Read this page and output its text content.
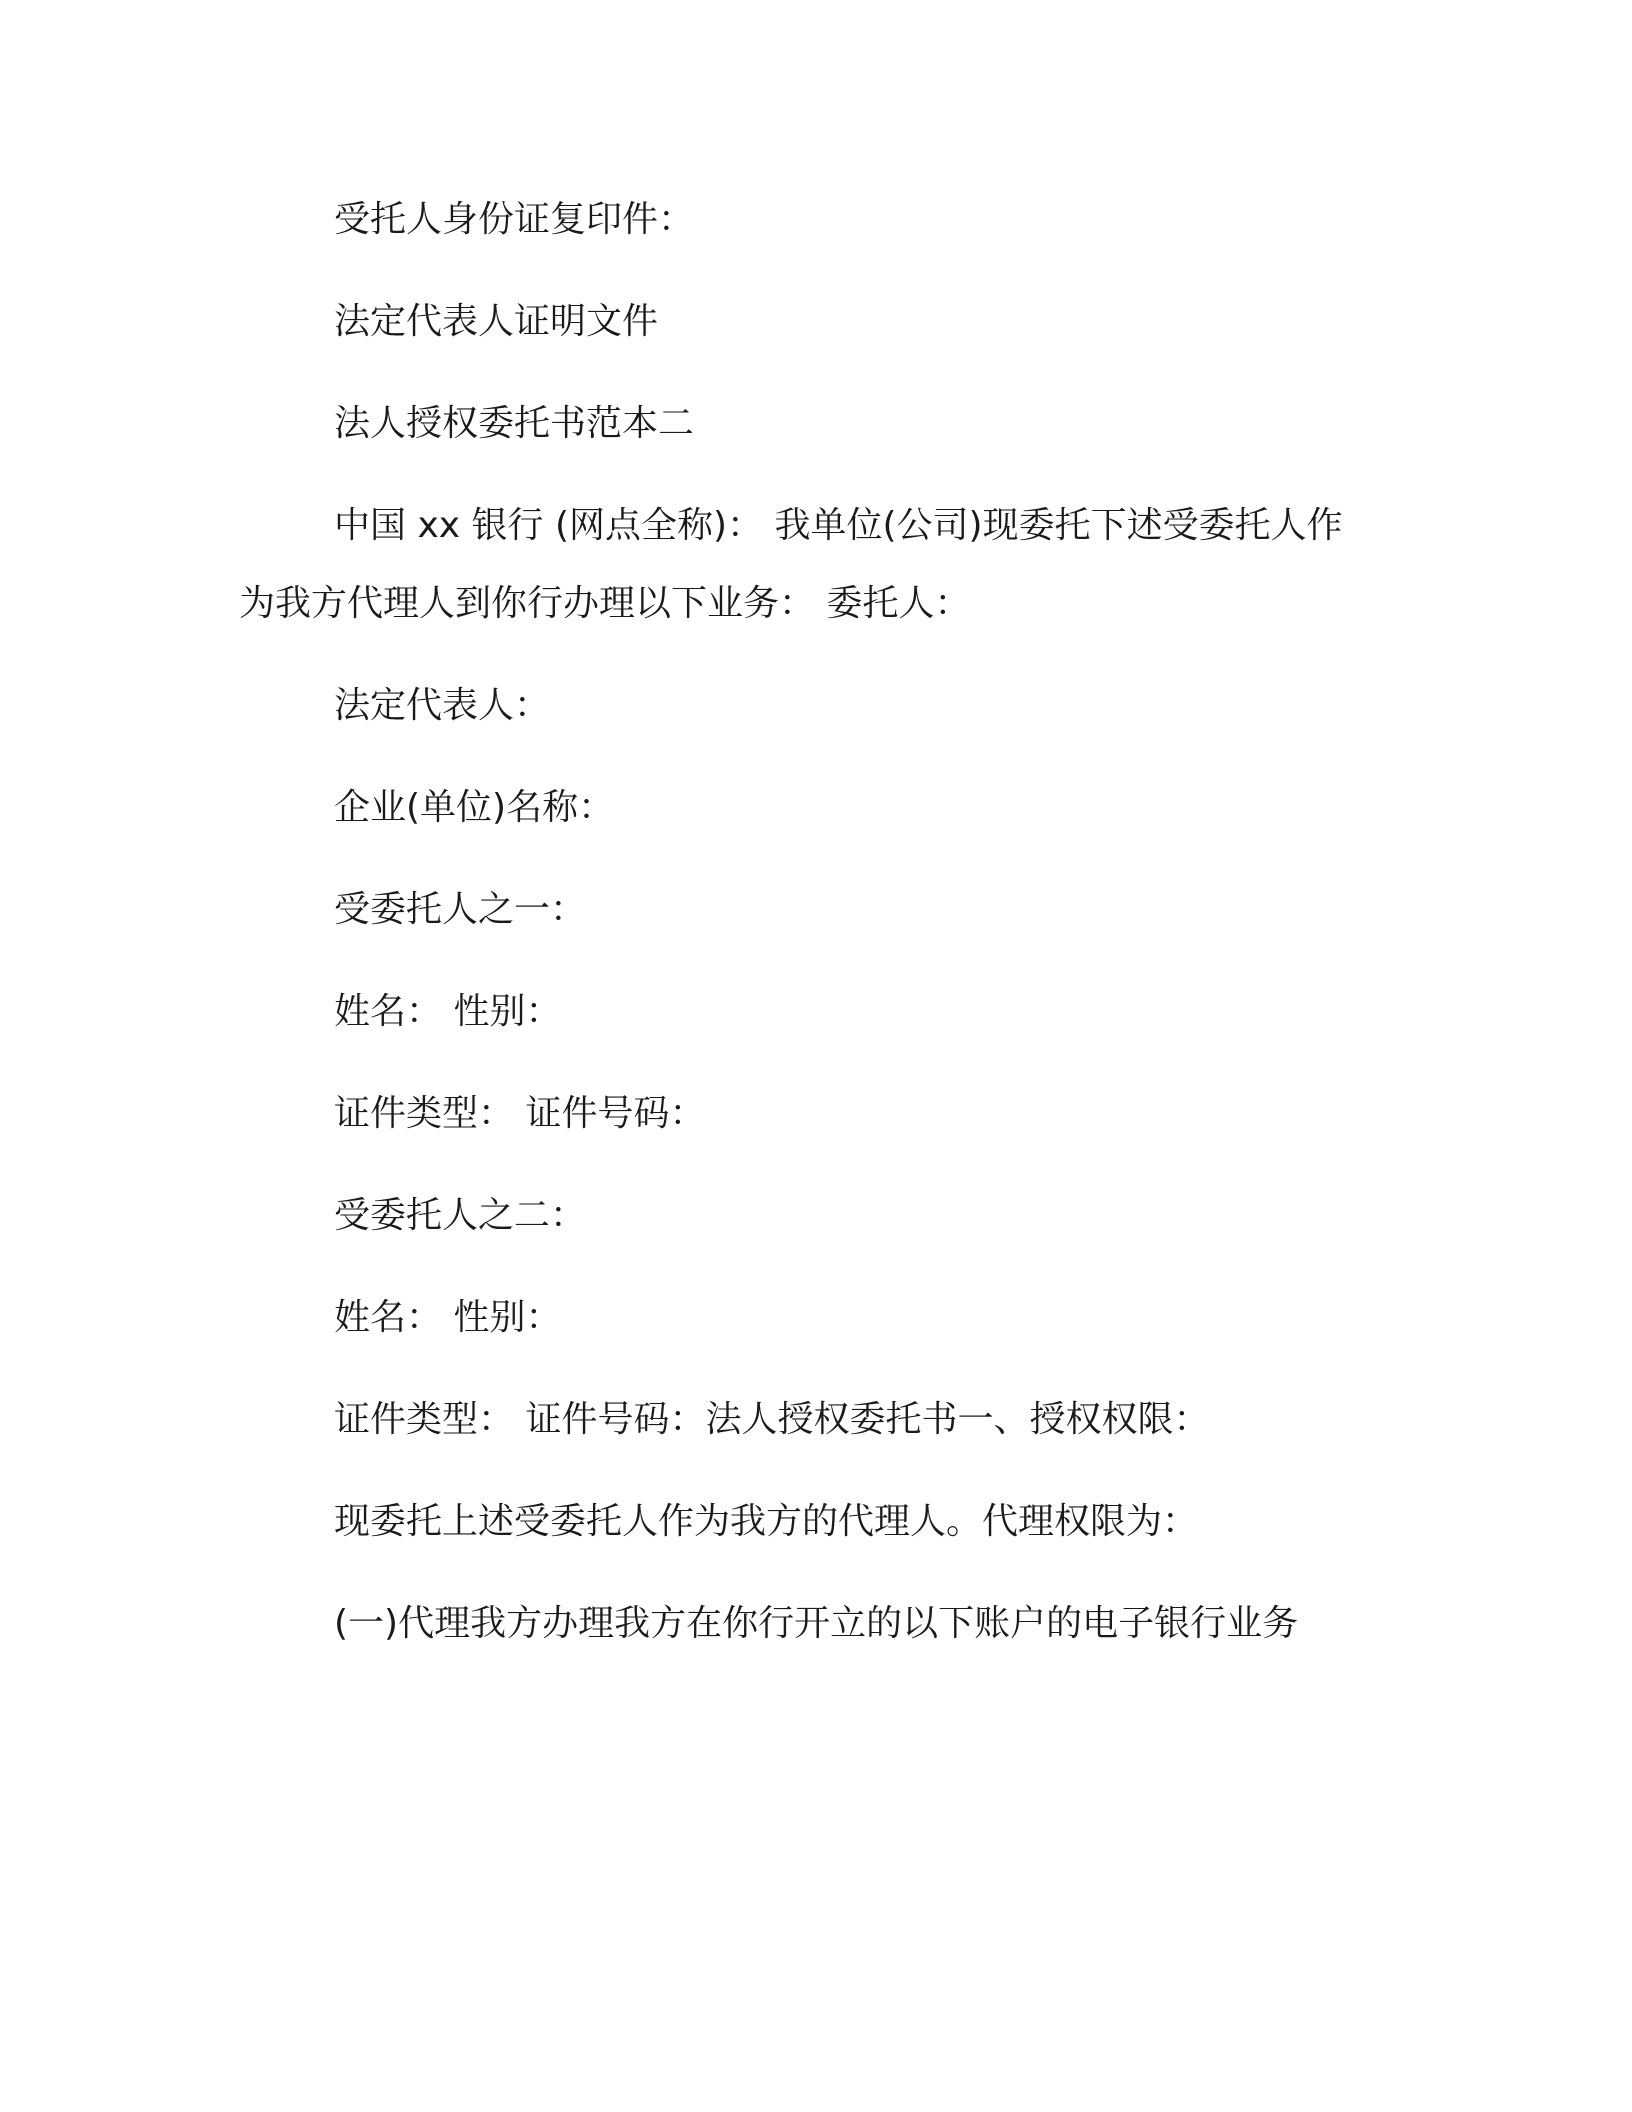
受托人身份证复印件：

法定代表人证明文件

法人授权委托书范本二

中国 xx 银行 (网点全称)： 我单位(公司)现委托下述受委托人作

为我方代理人到你行办理以下业务： 委托人：

法定代表人：

企业(单位)名称：

受委托人之一：

姓名： 性别：

证件类型： 证件号码：

受委托人之二：

姓名： 性别：

证件类型： 证件号码：法人授权委托书一、授权权限：

现委托上述受委托人作为我方的代理人。代理权限为：

(一)代理我方办理我方在你行开立的以下账户的电子银行业务
